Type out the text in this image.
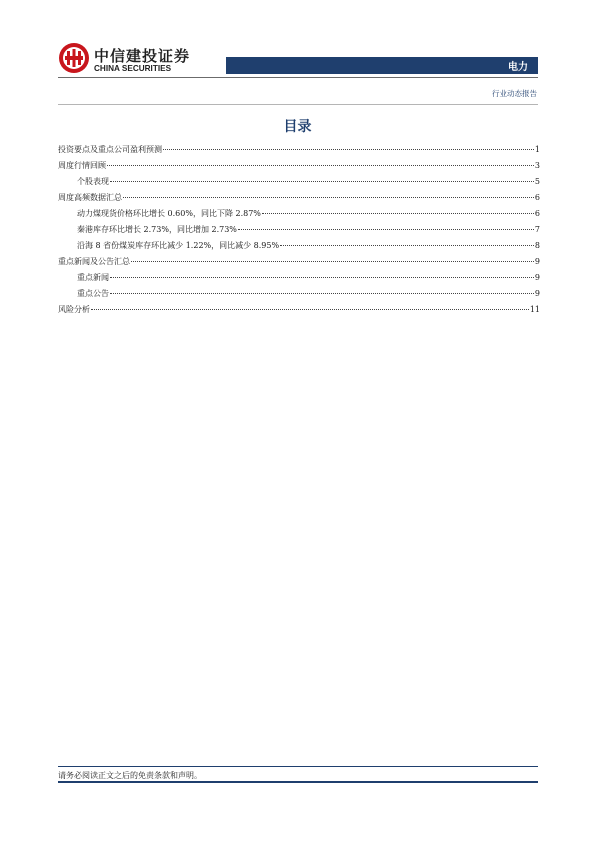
中信建投证券
CHINA SECURITIES	电力
行业动态报告
目录
投资要点及重点公司盈利预测	1
周度行情回顾	3
个股表现	5
周度高频数据汇总	6
动力煤现货价格环比增长 0.60%，同比下降 2.87%	6
秦港库存环比增长 2.73%，同比增加 2.73%	7
沿海 8 省份煤炭库存环比减少 1.22%，同比减少 8.95%	8
重点新闻及公告汇总	9
重点新闻	9
重点公告	9
风险分析	11
请务必阅读正文之后的免责条款和声明。
